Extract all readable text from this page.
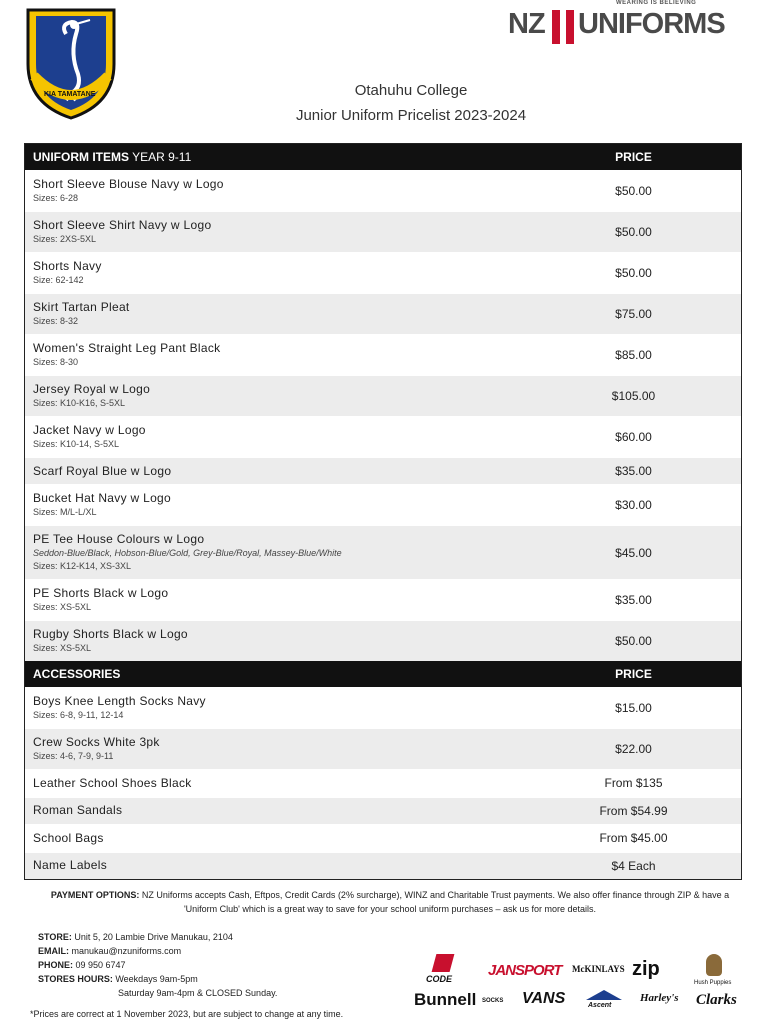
KIA TAMATANE
WEARING IS BELIEVING
NZ UNIFORMS
Otahuhu College
Junior Uniform Pricelist 2023-2024
UNIFORM ITEMS YEAR 9-11	PRICE
Short Sleeve Blouse Navy w Logo
Sizes: 6-28	$50.00
Short Sleeve Shirt Navy w Logo
Sizes: 2XS-5XL	$50.00
Shorts Navy
Size: 62-142	$50.00
Skirt Tartan Pleat
Sizes: 8-32	$75.00
Women's Straight Leg Pant Black
Sizes: 8-30	$85.00
Jersey Royal w Logo
Sizes: K10-K16, S-5XL	$105.00
Jacket Navy w Logo
Sizes: K10-14, S-5XL	$60.00
Scarf Royal Blue w Logo	$35.00
Bucket Hat Navy w Logo
Sizes: M/L-L/XL	$30.00
PE Tee House Colours w Logo
Seddon-Blue/Black, Hobson-Blue/Gold, Grey-Blue/Royal, Massey-Blue/White
Sizes: K12-K14, XS-3XL
$45.00
PE Shorts Black w Logo
Sizes: XS-5XL	$35.00
Rugby Shorts Black w Logo
Sizes: XS-5XL	$50.00
ACCESSORIES	PRICE
Boys Knee Length Socks Navy
Sizes: 6-8, 9-11, 12-14	$15.00
Crew Socks White 3pk
Sizes: 4-6, 7-9, 9-11	$22.00
Leather School Shoes Black	From $135
Roman Sandals	From $54.99
School Bags	From $45.00
Name Labels	$4 Each
PAYMENT OPTIONS: NZ Uniforms accepts Cash, Eftpos, Credit Cards (2% surcharge), WINZ and Charitable Trust payments. We also offer finance through ZIP & have a 'Uniform Club' which is a great way to save for your school uniform purchases – ask us for more details.
STORE: Unit 5, 20 Lambie Drive Manukau, 2104
EMAIL: manukau@nzuniforms.com
PHONE: 09 950 6747
STORES HOURS: Weekdays 9am-5pm
Saturday 9am-4pm & CLOSED Sunday.
CODE JANSPORT McKINLAYS zip
Hush Puppies
Bunnell SOCKS VANS	Ascent
Harley's Clarks
*Prices are correct at 1 November 2023, but are subject to change at any time.
